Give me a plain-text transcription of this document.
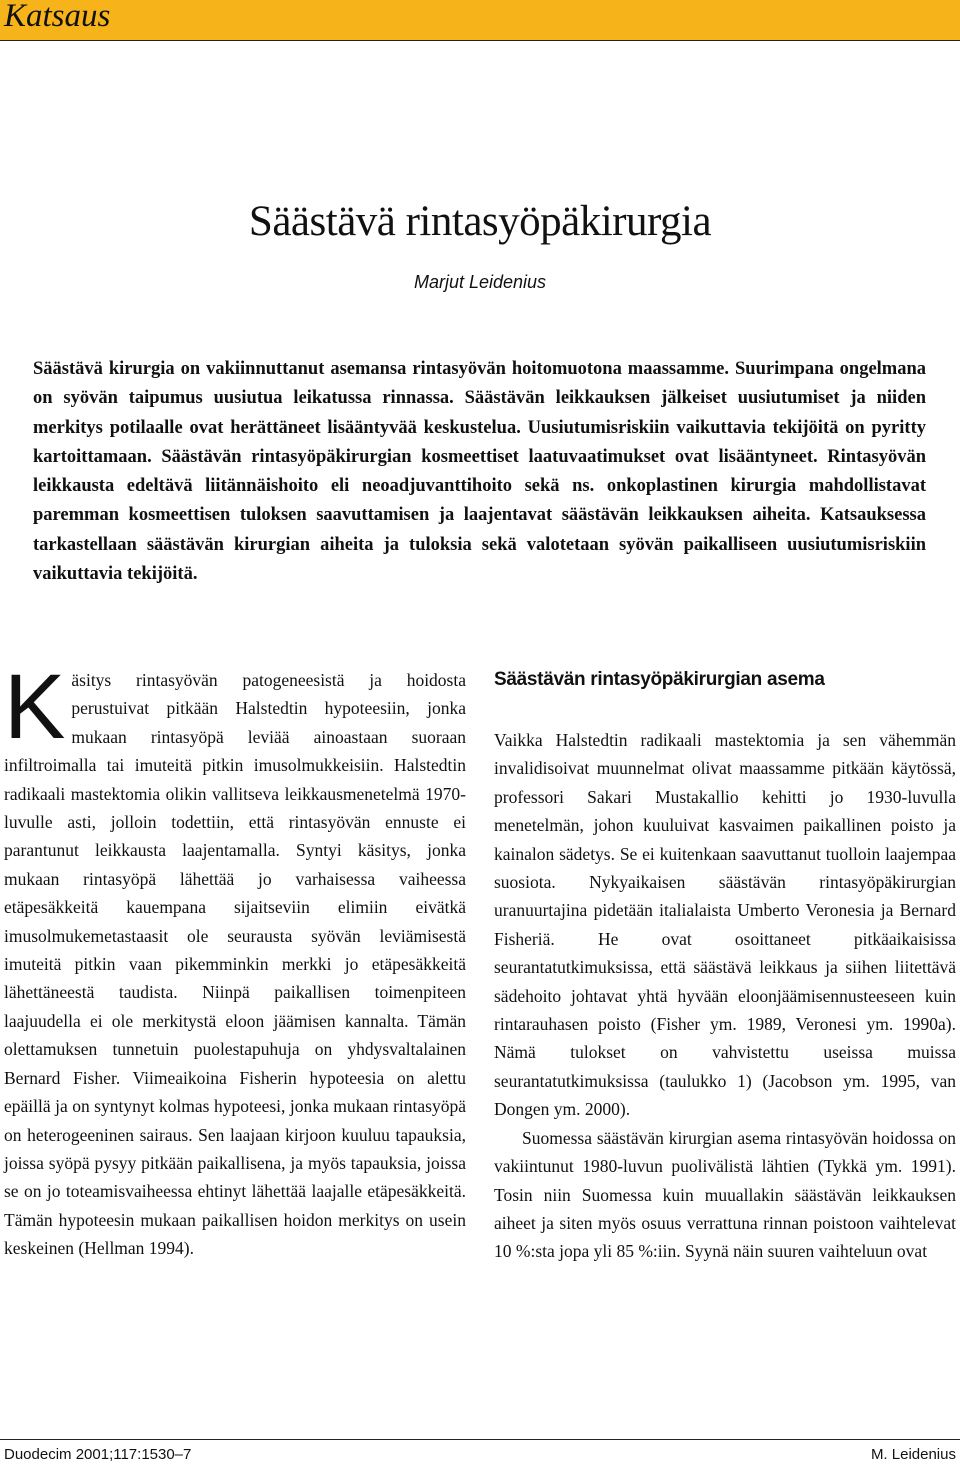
Katsaus
Säästävä rintasyöpäkirurgia
Marjut Leidenius

Säästävä kirurgia on vakiinnuttanut asemansa rintasyövän hoitomuotona maassamme. Suurimpana ongelmana on syövän taipumus uusiutua leikatussa rinnassa. Säästävän leikkauksen jälkeiset uusiutumiset ja niiden merkitys potilaalle ovat herättäneet lisääntyvää keskustelua. Uusiutumisriskiin vaikuttavia tekijöitä on pyritty kartoittamaan. Säästävän rintasyöpäkirurgian kosmeettiset laatuvaatimukset ovat lisääntyneet. Rintasyövän leikkausta edeltävä liitännäishoito eli neoadjuvanttihoito sekä ns. onkoplastinen kirurgia mahdollistavat paremman kosmeettisen tuloksen saavuttamisen ja laajentavat säästävän leikkauksen aiheita. Katsauksessa tarkastellaan säästävän kirurgian aiheita ja tuloksia sekä valotetaan syövän paikalliseen uusiutumisriskiin vaikuttavia tekijöitä.

Käsitys rintasyövän patogeneesistä ja hoidosta perustuivat pitkään Halstedtin hypoteesiin, jonka mukaan rintasyöpä leviää ainoastaan suoraan infiltroimalla tai imuteitä pitkin imusolmukkeisiin. Halstedtin radikaali mastektomia olikin vallitseva leikkausmenetelmä 1970-luvulle asti, jolloin todettiin, että rintasyövän ennuste ei parantunut leikkausta laajentamalla. Syntyi käsitys, jonka mukaan rintasyöpä lähettää jo varhaisessa vaiheessa etäpesäkkeitä kauempana sijaitseviin elimiin eivätkä imusolmukemetastaasit ole seurausta syövän leviämisestä imuteitä pitkin vaan pikemminkin merkki jo etäpesäkkeitä lähettäneestä taudista. Niinpä paikallisen toimenpiteen laajuudella ei ole merkitystä eloon jäämisen kannalta. Tämän olettamuksen tunnetuin puolestapuhuja on yhdysvaltalainen Bernard Fisher. Viimeaikoina Fisherin hypoteesia on alettu epäillä ja on syntynyt kolmas hypoteesi, jonka mukaan rintasyöpä on heterogeeninen sairaus. Sen laajaan kirjoon kuuluu tapauksia, joissa syöpä pysyy pitkään paikallisena, ja myös tapauksia, joissa se on jo toteamisvaiheessa ehtinyt lähettää laajalle etäpesäkkeitä. Tämän hypoteesin mukaan paikallisen hoidon merkitys on usein keskeinen (Hellman 1994).

Säästävän rintasyöpäkirurgian asema

Vaikka Halstedtin radikaali mastektomia ja sen vähemmän invalidisoivat muunnelmat olivat maassamme pitkään käytössä, professori Sakari Mustakallio kehitti jo 1930-luvulla menetelmän, johon kuuluivat kasvaimen paikallinen poisto ja kainalon sädetys. Se ei kuitenkaan saavuttanut tuolloin laajempaa suosiota. Nykyaikaisen säästävän rintasyöpäkirurgian uranuurtajina pidetään italialaista Umberto Veronesia ja Bernard Fisheriä. He ovat osoittaneet pitkäaikaisissa seurantatutkimuksissa, että säästävä leikkaus ja siihen liitettävä sädehoito johtavat yhtä hyvään eloonjäämisennusteeseen kuin rintarauhasen poisto (Fisher ym. 1989, Veronesi ym. 1990a). Nämä tulokset on vahvistettu useissa muissa seurantatutkimuksissa (taulukko 1) (Jacobson ym. 1995, van Dongen ym. 2000).

Suomessa säästävän kirurgian asema rintasyövän hoidossa on vakiintunut 1980-luvun puolivälistä lähtien (Tykkä ym. 1991). Tosin niin Suomessa kuin muuallakin säästävän leikkauksen aiheet ja siten myös osuus verrattuna rinnan poistoon vaihtelevat 10 %:sta jopa yli 85 %:iin. Syynä näin suuren vaihteluun ovat

Duodecim 2001;117:1530–7	M. Leidenius
